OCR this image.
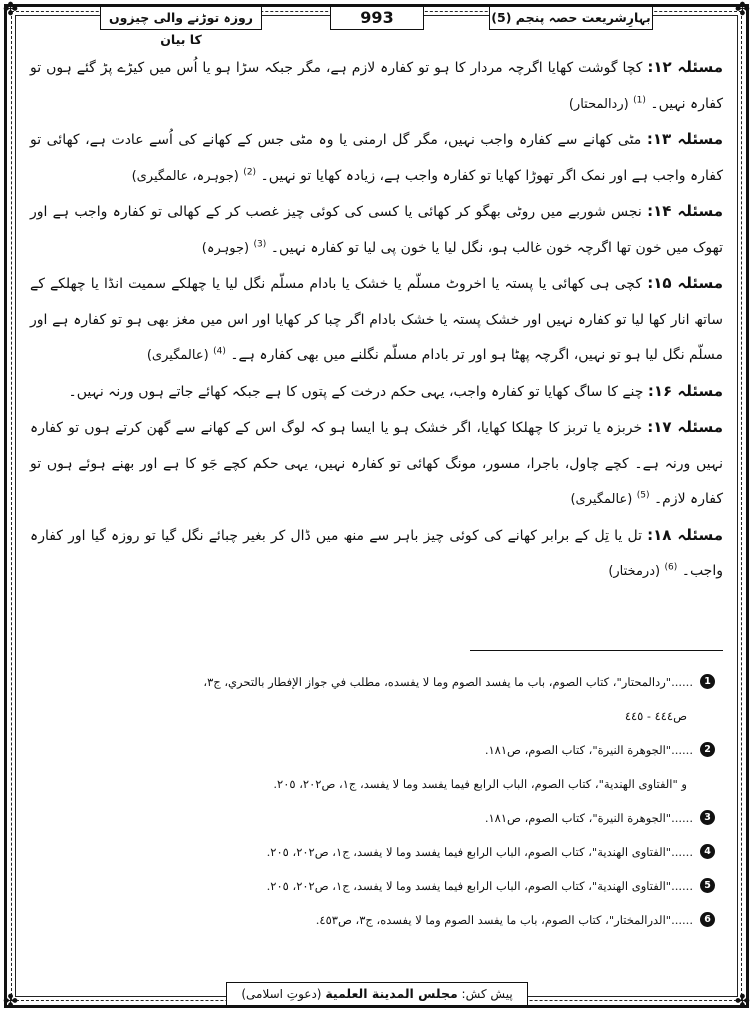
✤	✤
✤	✤
بہارِشریعت حصہ پنجم (5)
993
روزہ توڑنے والی چیزوں کا بیان

مسئلہ ۱۲: کچا گوشت کھایا اگرچہ مردار کا ہو تو کفارہ لازم ہے، مگر جبکہ سڑا ہو یا اُس میں کیڑے پڑ گئے ہوں تو کفارہ نہیں۔ $^{(1)}$ (ردالمحتار)

مسئلہ ۱۳: مٹی کھانے سے کفارہ واجب نہیں، مگر گل ارمنی یا وہ مٹی جس کے کھانے کی اُسے عادت ہے، کھائی تو کفارہ واجب ہے اور نمک اگر تھوڑا کھایا تو کفارہ واجب ہے، زیادہ کھایا تو نہیں۔ $^{(2)}$ (جوہرہ، عالمگیری)

مسئلہ ۱۴: نجس شوربے میں روٹی بھگو کر کھائی یا کسی کی کوئی چیز غصب کر کے کھالی تو کفارہ واجب ہے اور تھوک میں خون تھا اگرچہ خون غالب ہو، نگل لیا یا خون پی لیا تو کفارہ نہیں۔ $^{(3)}$ (جوہرہ)

مسئلہ ۱۵: کچی ہی کھائی یا پستہ یا اخروٹ مسلّم یا خشک یا بادام مسلّم نگل لیا یا چھلکے سمیت انڈا یا چھلکے کے ساتھ انار کھا لیا تو کفارہ نہیں اور خشک پستہ یا خشک بادام اگر چبا کر کھایا اور اس میں مغز بھی ہو تو کفارہ ہے اور مسلّم نگل لیا ہو تو نہیں، اگرچہ پھٹا ہو اور تر بادام مسلّم نگلنے میں بھی کفارہ ہے۔ $^{(4)}$ (عالمگیری)

مسئلہ ۱۶: چنے کا ساگ کھایا تو کفارہ واجب، یہی حکم درخت کے پتوں کا ہے جبکہ کھائے جاتے ہوں ورنہ نہیں۔

مسئلہ ۱۷: خربزہ یا تربز کا چھلکا کھایا، اگر خشک ہو یا ایسا ہو کہ لوگ اس کے کھانے سے گھن کرتے ہوں تو کفارہ نہیں ورنہ ہے۔ کچے چاول، باجرا، مسور، مونگ کھائی تو کفارہ نہیں، یہی حکم کچے جَو کا ہے اور بھنے ہوئے ہوں تو کفارہ لازم۔ $^{(5)}$ (عالمگیری)

مسئلہ ۱۸: تل یا تِل کے برابر کھانے کی کوئی چیز باہر سے منھ میں ڈال کر بغیر چبائے نگل گیا تو روزہ گیا اور کفارہ واجب۔ $^{(6)}$ (درمختار)

1
......"ردالمحتار"، كتاب الصوم، باب ما يفسد الصوم وما لا يفسده، مطلب في جواز الإفطار بالتحري، ج٣،
ص٤٤٤ - ٤٤٥
2
......"الجوهرة النيرة"، كتاب الصوم، ص١٨١.
و "الفتاوى الهندية"، كتاب الصوم، الباب الرابع فيما يفسد وما لا يفسد، ج١، ص٢٠٢، ٢٠٥.
3
......"الجوهرة النيرة"، كتاب الصوم، ص١٨١.
4
......"الفتاوى الهندية"، كتاب الصوم، الباب الرابع فيما يفسد وما لا يفسد، ج١، ص٢٠٢، ٢٠٥.
5
......"الفتاوى الهندية"، كتاب الصوم، الباب الرابع فيما يفسد وما لا يفسد، ج١، ص٢٠٢، ٢٠٥.
6
......"الدرالمختار"، كتاب الصوم، باب ما يفسد الصوم وما لا يفسده، ج٣، ص٤٥٣.
پیش کش: مجلس المدينة العلمية (دعوتِ اسلامی)
